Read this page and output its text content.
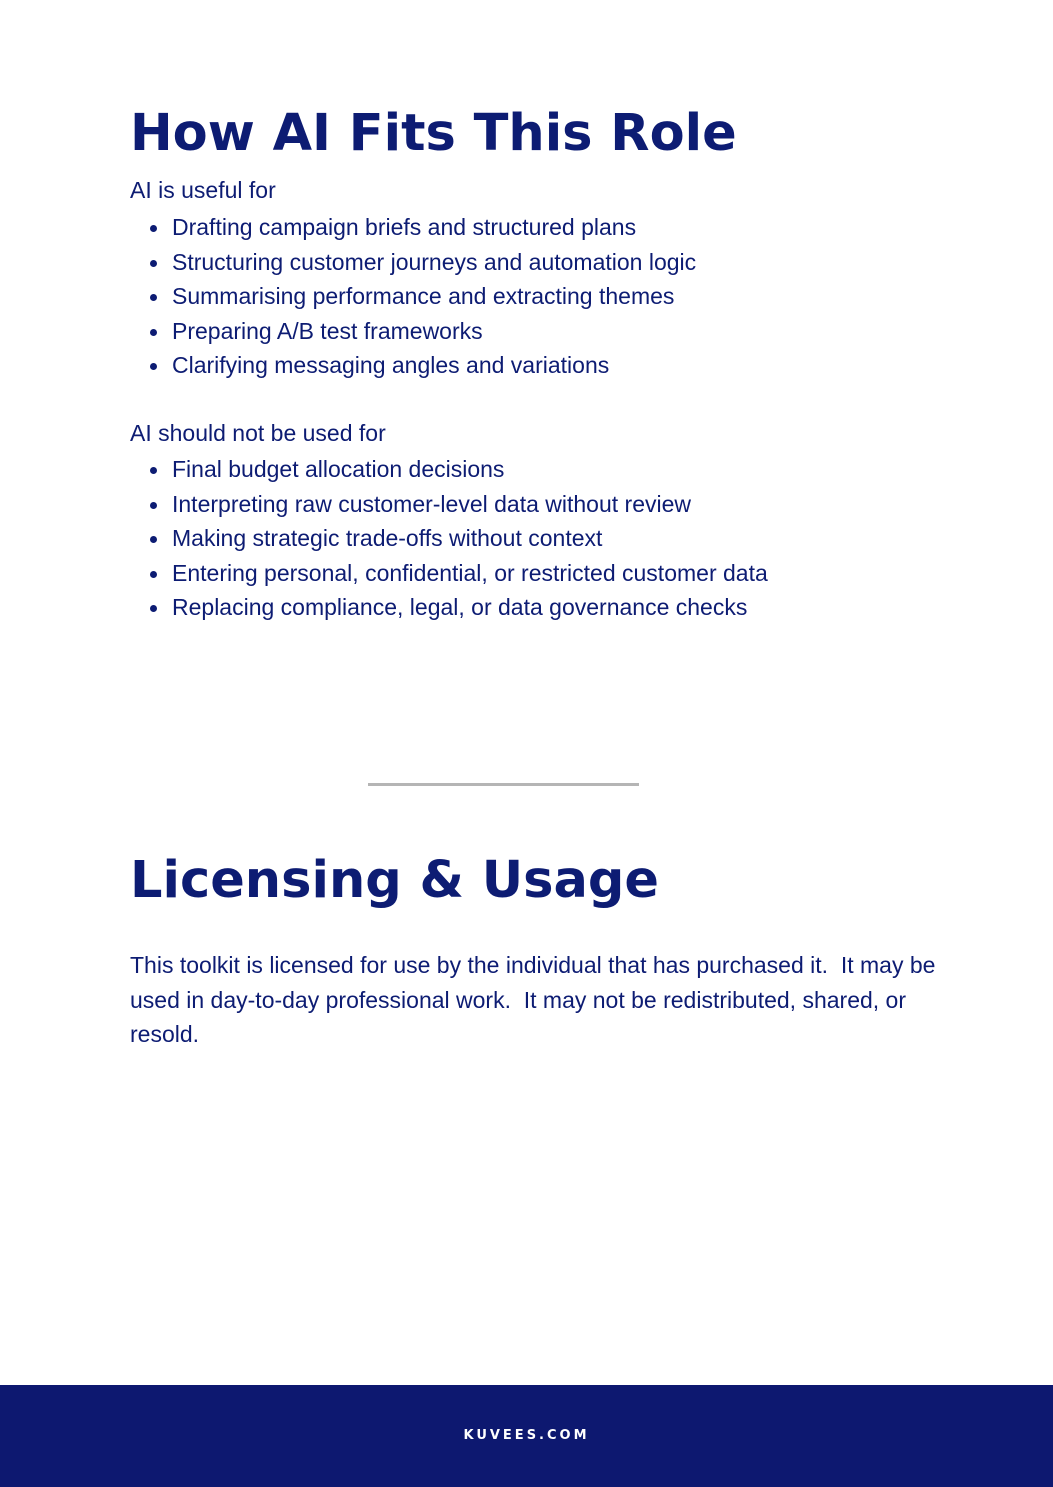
How AI Fits This Role

AI is useful for

Drafting campaign briefs and structured plans
Structuring customer journeys and automation logic
Summarising performance and extracting themes
Preparing A/B test frameworks
Clarifying messaging angles and variations

AI should not be used for

Final budget allocation decisions
Interpreting raw customer-level data without review
Making strategic trade-offs without context
Entering personal, confidential, or restricted customer data
Replacing compliance, legal, or data governance checks
Licensing & Usage

This toolkit is licensed for use by the individual that has purchased it.  It may be used in day-to-day professional work.  It may not be redistributed, shared, or resold.

KUVEES.COM
